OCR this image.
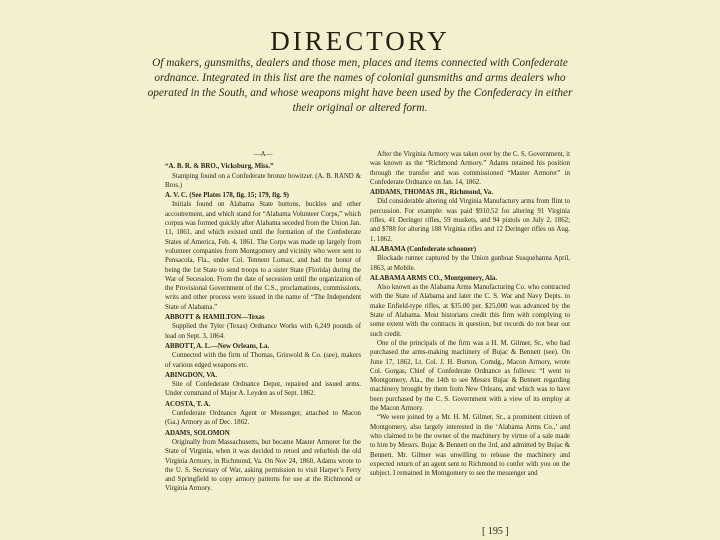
DIRECTORY
Of makers, gunsmiths, dealers and those men, places and items connected with Confederate ordnance. Integrated in this list are the names of colonial gunsmiths and arms dealers who operated in the South, and whose weapons might have been used by the Confederacy in either their original or altered form.
—A—
“A. B. R. & BRO., Vicksburg, Miss.”

Stamping found on a Confederate bronze howitzer. (A. B. RAND & Bros.)

A. V. C. (See Plates 178, fig. 15; 179, fig. 9)

Initials found on Alabama State buttons, buckles and other accoutrement, and which stand for “Alabama Volunteer Corps,” which corpus was formed quickly after Alabama seceded from the Union Jan. 11, 1861, and which existed until the formation of the Confederate States of America, Feb. 4, 1861. The Corps was made up largely from volunteer companies from Montgomery and vicinity who were sent to Pensacola, Fla., under Col. Tennent Lomax, and had the honor of being the 1st State to send troops to a sister State (Florida) during the War of Secession. From the date of secession until the organization of the Provisional Government of the C.S., proclamations, commissions, writs and other process were issued in the name of “The Independent State of Alabama.”

ABBOTT & HAMILTON—Texas

Supplied the Tyler (Texas) Ordnance Works with 6,249 pounds of lead on Sept. 3, 1864.

ABBOTT, A. L.—New Orleans, La.

Connected with the firm of Thomas, Griswold & Co. (see), makers of various edged weapons etc.

ABINGDON, VA.

Site of Confederate Ordnance Depot, repaired and issued arms. Under command of Major A. Leyden as of Sept. 1862.

ACOSTA, T. A.

Confederate Ordnance Agent or Messenger, attached to Macon (Ga.) Armory as of Dec. 1862.

ADAMS, SOLOMON

Originally from Massachusetts, but became Master Armorer for the State of Virginia, when it was decided to retool and refurbish the old Virginia Armory, in Richmond, Va. On Nov 24, 1860, Adams wrote to the U. S. Secretary of War, asking permission to visit Harper’s Ferry and Springfield to copy armory patterns for use at the Richmond or Virginia Armory.

After the Virginia Armory was taken over by the C. S. Government, it was known as the “Richmond Armory.” Adams retained his position through the transfer and was commissioned “Master Armorer” in Confederate Ordnance on Jan. 14, 1862.

ADDAMS, THOMAS JR., Richmond, Va.

Did considerable altering old Virginia Manufactury arms from flint to percussion. For example: was paid $910.52 for altering 91 Virginia rifles, 41 Deringer rifles, 59 muskets, and 94 pistols on July 2, 1862; and $788 for altering 188 Virginia rifles and 12 Deringer rifles on Aug. 1, 1862.

ALABAMA (Confederate schooner)

Blockade runner captured by the Union gunboat Susquehanna April, 1863, at Mobile.

ALABAMA ARMS CO., Montgomery, Ala.

Also known as the Alabama Arms Manufacturing Co. who contracted with the State of Alabama and later the C. S. War and Navy Depts. to make Enfield-type rifles, at $35.00 per. $25,000 was advanced by the State of Alabama. Most historians credit this firm with complying to some extent with the contracts in question, but records do not bear out such credit.

One of the principals of the firm was a H. M. Gilmer, Sr., who had purchased the arms-making machinery of Bujac & Bennett (see). On June 17, 1862, Lt. Col. J. H. Burton, Comdg., Macon Armory, wrote Col. Gorgas, Chief of Confederate Ordnance as follows: “I went to Montgomery, Ala., the 14th to see Messrs Bujac & Bennett regarding machinery brought by them from New Orleans, and which was to have been purchased by the C. S. Government with a view of its employ at the Macon Armory.

“We were joined by a Mr. H. M. Gilmer, Sr., a prominent citizen of Montgomery, also largely interested in the ‘Alabama Arms Co.,’ and who claimed to be the owner of the machinery by virtue of a sale made to him by Messrs. Bujac & Bennett on the 3rd, and admitted by Bujac & Bennett. Mr. Gilmer was unwilling to release the machinery and expected return of an agent sent to Richmond to confer with you on the subject. I remained in Montgomery to see the messenger and

[ 195 ]
